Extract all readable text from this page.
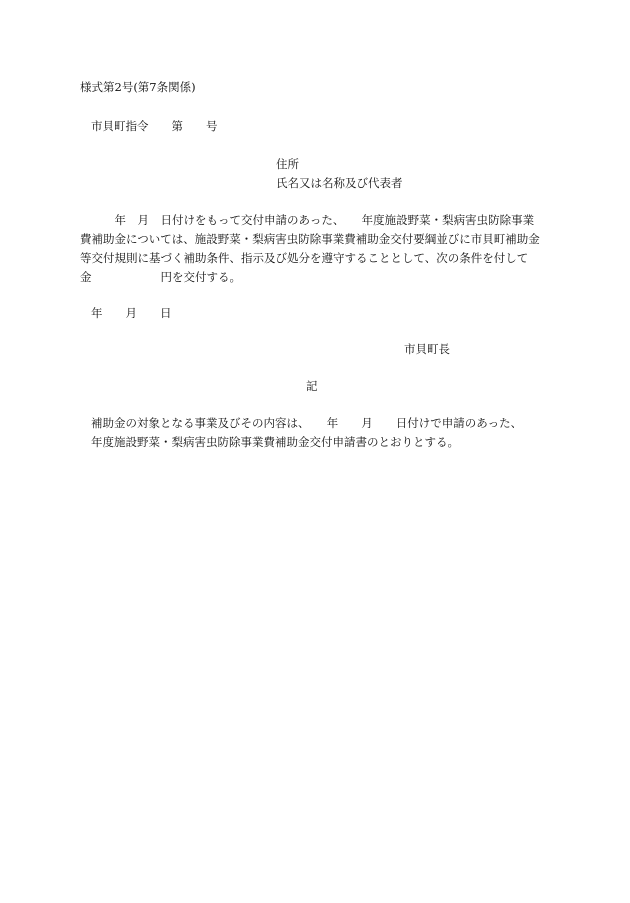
様式第2号(第7条関係)
市貝町指令　　第　　号
住所
氏名又は名称及び代表者
　　　年　月　日付けをもって交付申請のあった、　　年度施設野菜・梨病害虫防除事業
費補助金については、施設野菜・梨病害虫防除事業費補助金交付要綱並びに市貝町補助金
等交付規則に基づく補助条件、指示及び処分を遵守することとして、次の条件を付して
金　　　　　　円を交付する。
年　　月　　日
市貝町長
記
補助金の対象となる事業及びその内容は、　　年　　月　　日付けで申請のあった、
年度施設野菜・梨病害虫防除事業費補助金交付申請書のとおりとする。
